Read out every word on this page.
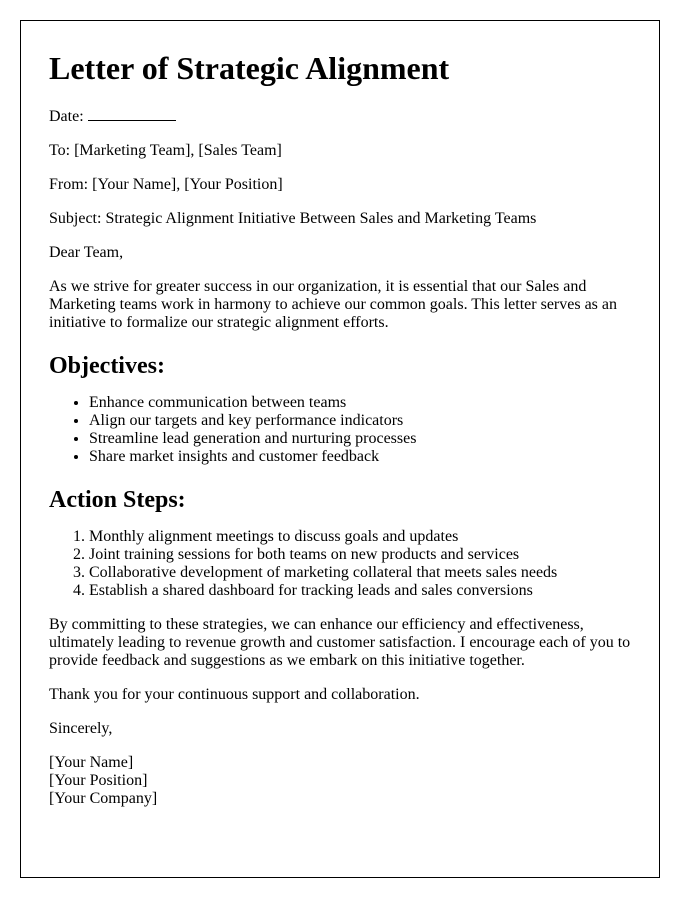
Letter of Strategic Alignment

Date:

To: [Marketing Team], [Sales Team]

From: [Your Name], [Your Position]

Subject: Strategic Alignment Initiative Between Sales and Marketing Teams

Dear Team,

As we strive for greater success in our organization, it is essential that our Sales and Marketing teams work in harmony to achieve our common goals. This letter serves as an initiative to formalize our strategic alignment efforts.

Objectives:
• Enhance communication between teams
• Align our targets and key performance indicators
• Streamline lead generation and nurturing processes
• Share market insights and customer feedback
Action Steps:
1. Monthly alignment meetings to discuss goals and updates
2. Joint training sessions for both teams on new products and services
3. Collaborative development of marketing collateral that meets sales needs
4. Establish a shared dashboard for tracking leads and sales conversions

By committing to these strategies, we can enhance our efficiency and effectiveness, ultimately leading to revenue growth and customer satisfaction. I encourage each of you to provide feedback and suggestions as we embark on this initiative together.

Thank you for your continuous support and collaboration.

Sincerely,

[Your Name]

[Your Position]

[Your Company]
